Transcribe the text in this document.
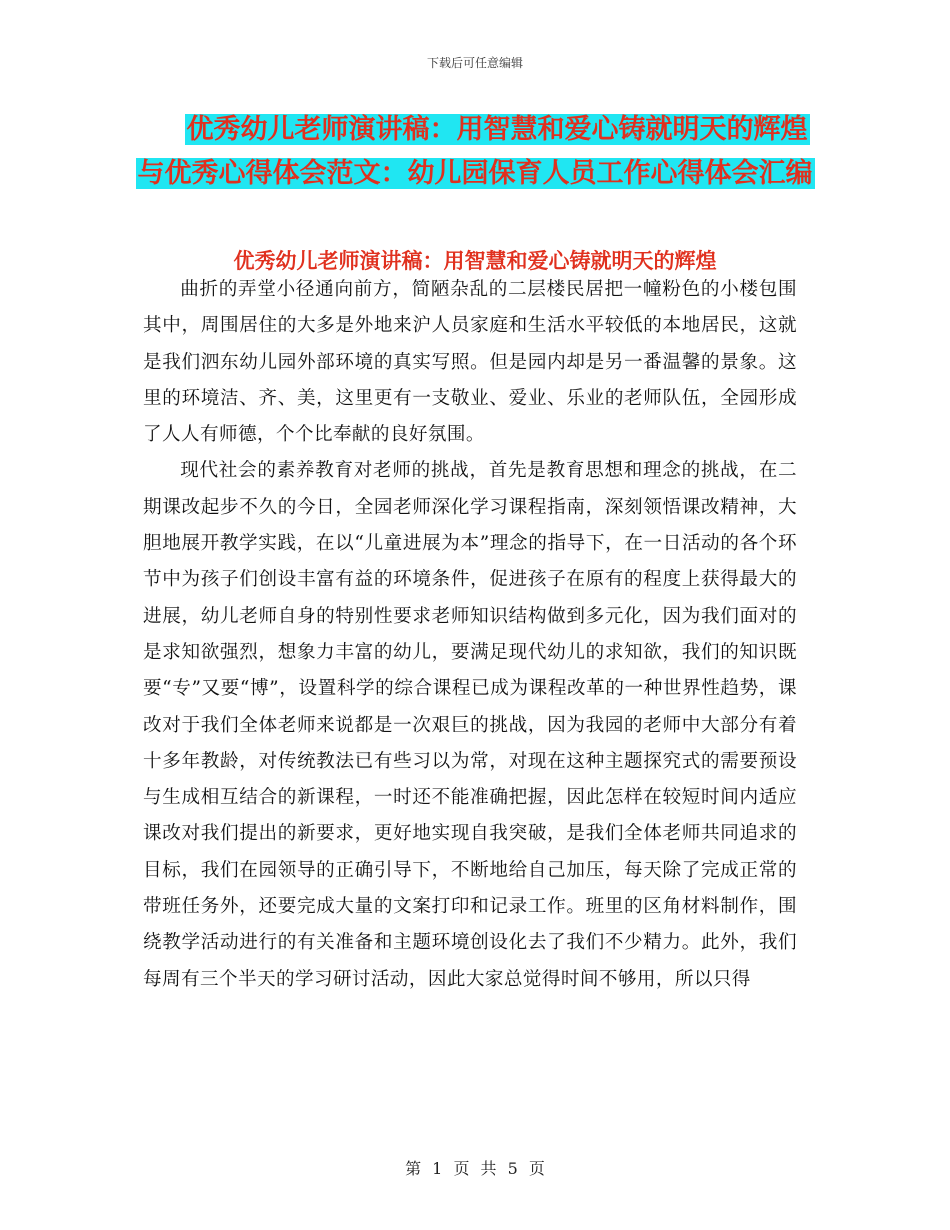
下载后可任意编辑
优秀幼儿老师演讲稿：用智慧和爱心铸就明天的辉煌
与优秀心得体会范文：幼儿园保育人员工作心得体会汇编
优秀幼儿老师演讲稿：用智慧和爱心铸就明天的辉煌

曲折的弄堂小径通向前方，简陋杂乱的二层楼民居把一幢粉色的小楼包围其中，周围居住的大多是外地来沪人员家庭和生活水平较低的本地居民，这就是我们泗东幼儿园外部环境的真实写照。但是园内却是另一番温馨的景象。这里的环境洁、齐、美，这里更有一支敬业、爱业、乐业的老师队伍，全园形成了人人有师德，个个比奉献的良好氛围。

现代社会的素养教育对老师的挑战，首先是教育思想和理念的挑战，在二期课改起步不久的今日，全园老师深化学习课程指南，深刻领悟课改精神，大胆地展开教学实践，在以“儿童进展为本”理念的指导下，在一日活动的各个环节中为孩子们创设丰富有益的环境条件，促进孩子在原有的程度上获得最大的进展，幼儿老师自身的特别性要求老师知识结构做到多元化，因为我们面对的是求知欲强烈，想象力丰富的幼儿，要满足现代幼儿的求知欲，我们的知识既要“专”又要“博”，设置科学的综合课程已成为课程改革的一种世界性趋势，课改对于我们全体老师来说都是一次艰巨的挑战，因为我园的老师中大部分有着十多年教龄，对传统教法已有些习以为常，对现在这种主题探究式的需要预设与生成相互结合的新课程，一时还不能准确把握，因此怎样在较短时间内适应课改对我们提出的新要求，更好地实现自我突破，是我们全体老师共同追求的目标，我们在园领导的正确引导下，不断地给自己加压，每天除了完成正常的带班任务外，还要完成大量的文案打印和记录工作。班里的区角材料制作，围绕教学活动进行的有关准备和主题环境创设化去了我们不少精力。此外，我们每周有三个半天的学习研讨活动，因此大家总觉得时间不够用，所以只得

第 1 页 共 5 页
